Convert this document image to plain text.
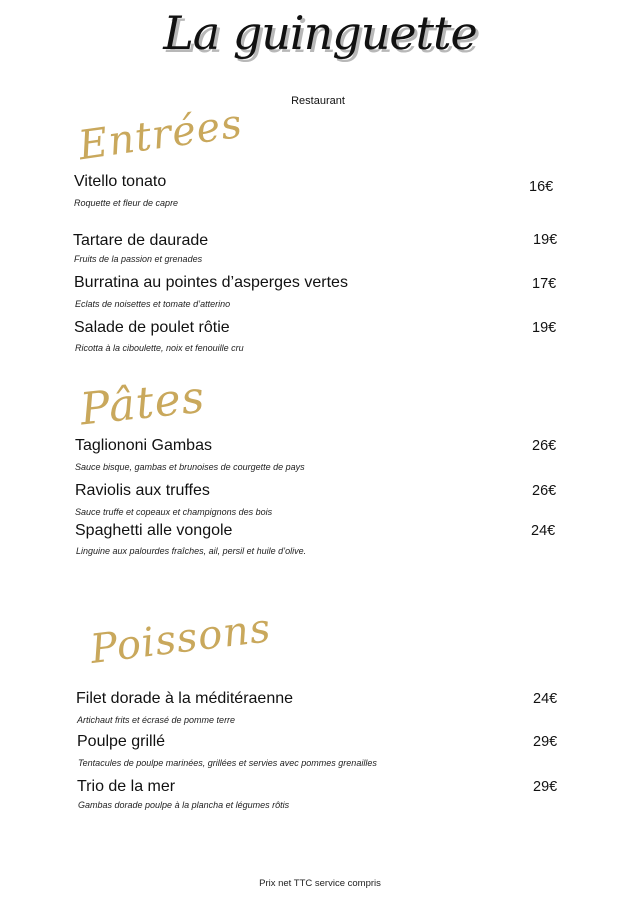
La guinguette
Restaurant
Entrées
Vitello tonato
Roquette et fleur de capre
16€
Tartare de daurade
Fruits de la passion et grenades
19€
Burratina au pointes d’asperges vertes
Eclats de noisettes et tomate d’atterino
17€
Salade de poulet rôtie
Ricotta à la ciboulette, noix et fenouille cru
19€
Pâtes
Tagliononi Gambas
Sauce bisque, gambas et brunoises de courgette de pays
26€
Raviolis aux truffes
Sauce truffe et copeaux et champignons des bois
26€
Spaghetti alle vongole
Linguine aux palourdes fraîches, ail, persil et huile d’olive.
24€
Poissons
Filet dorade à la méditéraenne
Artichaut frits et écrasé de pomme terre
24€
Poulpe grillé
Tentacules de poulpe marinées, grillées et servies avec pommes grenailles
29€
Trio de la mer
Gambas dorade poulpe à la plancha et légumes rôtis
29€
Prix net TTC service compris
